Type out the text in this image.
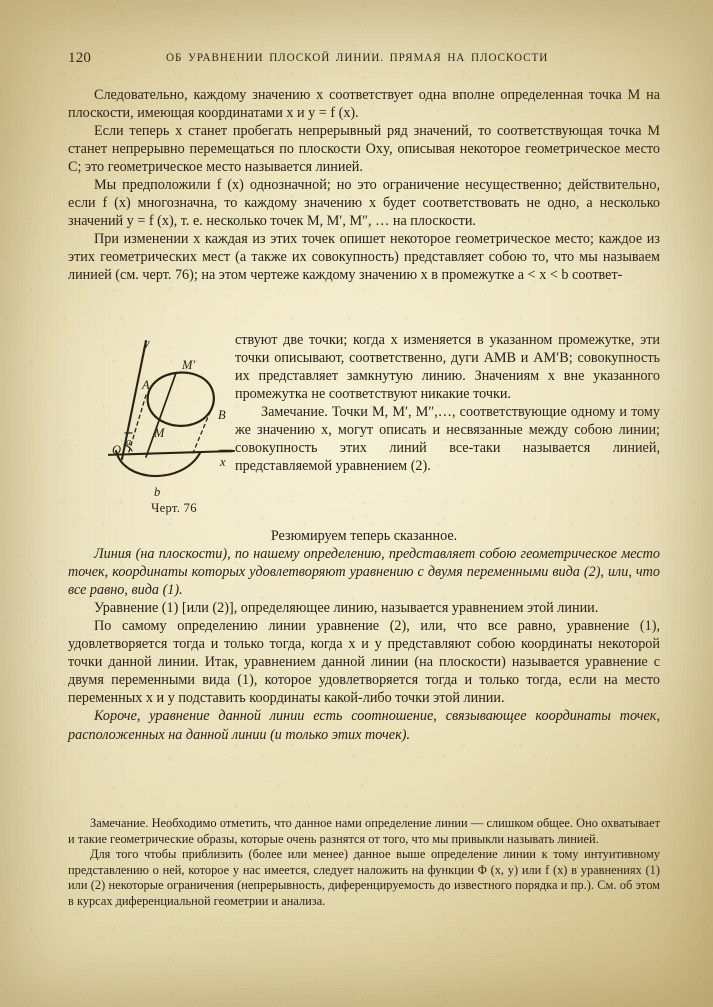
120	ОБ УРАВНЕНИИ ПЛОСКОЙ ЛИНИИ. ПРЯМАЯ НА ПЛОСКОСТИ

Следовательно, каждому значению x соответствует одна вполне определенная точка M на плоскости, имеющая координатами x и y = f (x).

Если теперь x станет пробегать непрерывный ряд значений, то соответствующая точка M станет непрерывно перемещаться по плоскости Oxy, описывая некоторое геометрическое место C; это геометрическое место называется линией.

Мы предположили f (x) однозначной; но это ограничение несущественно; действительно, если f (x) многозначна, то каждому значению x будет соответствовать не одно, а несколько значений y = f (x), т. е. несколько точек M, M′, M″, … на плоскости.

При изменении x каждая из этих точек опишет некоторое геометрическое место; каждое из этих геометрических мест (а также их совокупность) представляет собою то, что мы называем линией (см. черт. 76); на этом чертеже каждому значению x в промежутке a < x < b соответ-

ствуют две точки; когда x изменяется в указанном промежутке, эти точки описывают, соответственно, дуги AMB и AM′B; совокупность их представляет замкнутую линию. Значениям x вне указанного промежутка не соответствуют никакие точки.

Замечание. Точки M, M′, M″,…, соответствующие одному и тому же значению x, могут описать и несвязанные между собою линии; совокупность этих линий все-таки называется линией, представляемой уравнением (2).

Резюмируем теперь сказанное.

Линия (на плоскости), по нашему определению, представляет собою геометрическое место точек, координаты которых удовлетворяют уравнению с двумя переменными вида (2), или, что все равно, вида (1).

Уравнение (1) [или (2)], определяющее линию, называется уравнением этой линии.

По самому определению линии уравнение (2), или, что все равно, уравнение (1), удовлетворяется тогда и только тогда, когда x и y представляют собою координаты некоторой точки данной линии. Итак, уравнением данной линии (на плоскости) называется уравнение с двумя переменными вида (1), которое удовлетворяется тогда и только тогда, если на место переменных x и y подставить координаты какой-либо точки этой линии.

Короче, уравнение данной линии есть соотношение, связывающее координаты точек, расположенных на данной линии (и только этих точек).

Замечание. Необходимо отметить, что данное нами определение линии — слишком общее. Оно охватывает и такие геометрические образы, которые очень разнятся от того, что мы привыкли называть линией.

Для того чтобы приблизить (более или менее) данное выше определение линии к тому интуитивному представлению о ней, которое у нас имеется, следует наложить на функции Φ (x, y) или f (x) в уравнениях (1) или (2) некоторые ограничения (непрерывность, диференцируемость до известного порядка и пр.). См. об этом в курсах диференциальной геометрии и анализа.

y
x
O
A
B
M′
M
a
b
Черт. 76
